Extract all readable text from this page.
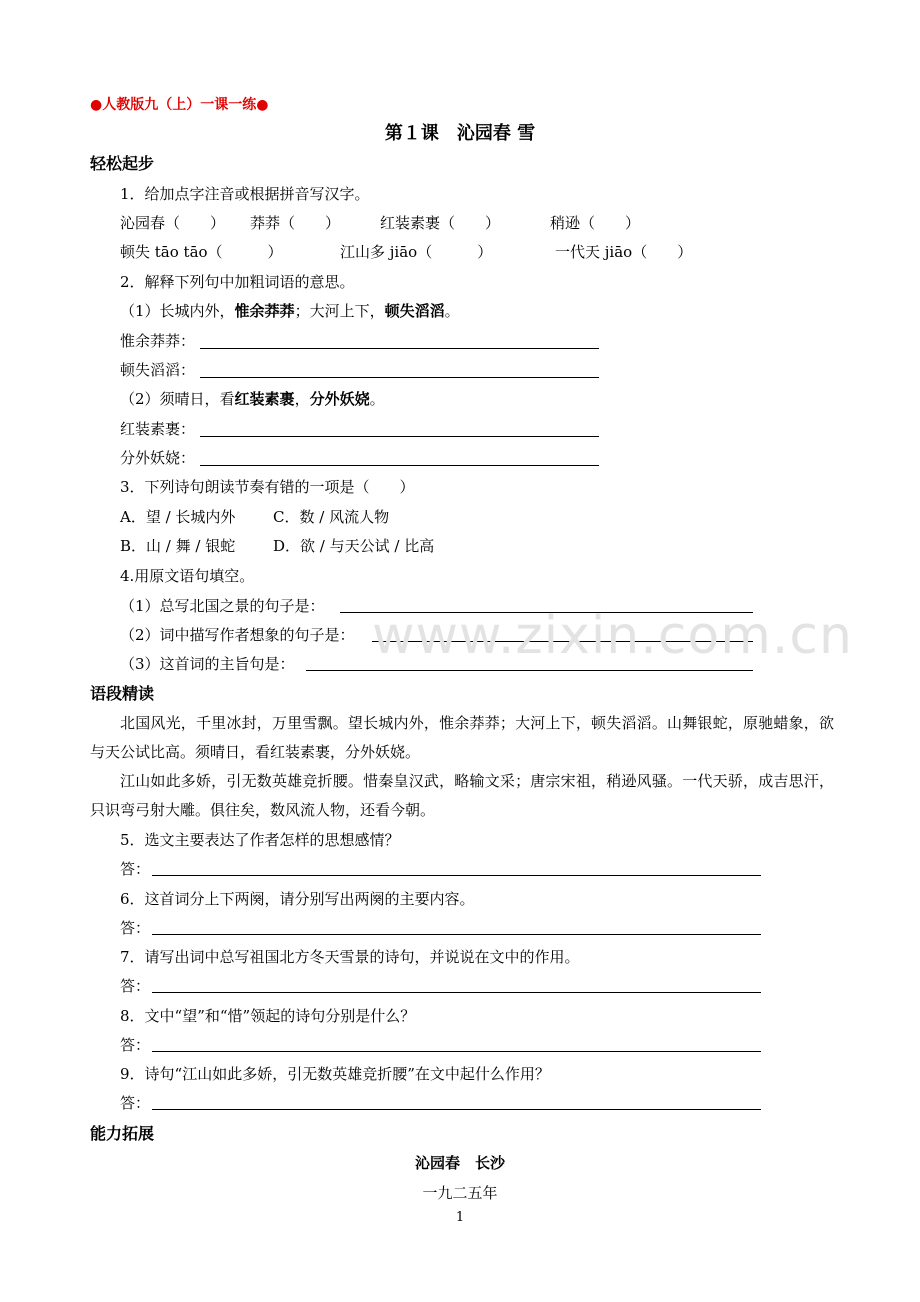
●人教版九（上）一课一练●
第１课　沁园春 雪
轻松起步
1．给加点字注音或根据拼音写汉字。
沁园春（　　） 莽莽（　　）	红装素裹（　　）	稍逊（　　）
顿失 tāo tāo（　　　）	江山多 jiāo（　　　）	一代天 jiāo（　　）
2．解释下列句中加粗词语的意思。
（1）长城内外，惟余莽莽；大河上下，顿失滔滔。
惟余莽莽：
顿失滔滔：
（2）须晴日，看红装素裹，分外妖娆。
红装素裹：
分外妖娆：
3．下列诗句朗读节奏有错的一项是（　　）
A．望 / 长城内外	C．数 / 风流人物
B．山 / 舞 / 银蛇	D．欲 / 与天公试 / 比高
4.用原文语句填空。
（1）总写北国之景的句子是：
（2）词中描写作者想象的句子是：
（3）这首词的主旨句是： www.zixin.com.cn
语段精读
北国风光，千里冰封，万里雪飘。望长城内外，惟余莽莽；大河上下，顿失滔滔。山舞银蛇，原驰蜡象，欲与天公试比高。须晴日，看红装素裹，分外妖娆。
江山如此多娇，引无数英雄竞折腰。惜秦皇汉武，略输文采；唐宗宋祖，稍逊风骚。一代天骄，成吉思汗，只识弯弓射大雕。俱往矣，数风流人物，还看今朝。
5．选文主要表达了作者怎样的思想感情？
答：
6．这首词分上下两阕，请分别写出两阕的主要内容。
答：
7．请写出词中总写祖国北方冬天雪景的诗句，并说说在文中的作用。
答：
8．文中“望”和“惜”领起的诗句分别是什么？
答：
9．诗句“江山如此多娇，引无数英雄竞折腰”在文中起什么作用？
答：
能力拓展
沁园春　长沙
一九二五年
1
